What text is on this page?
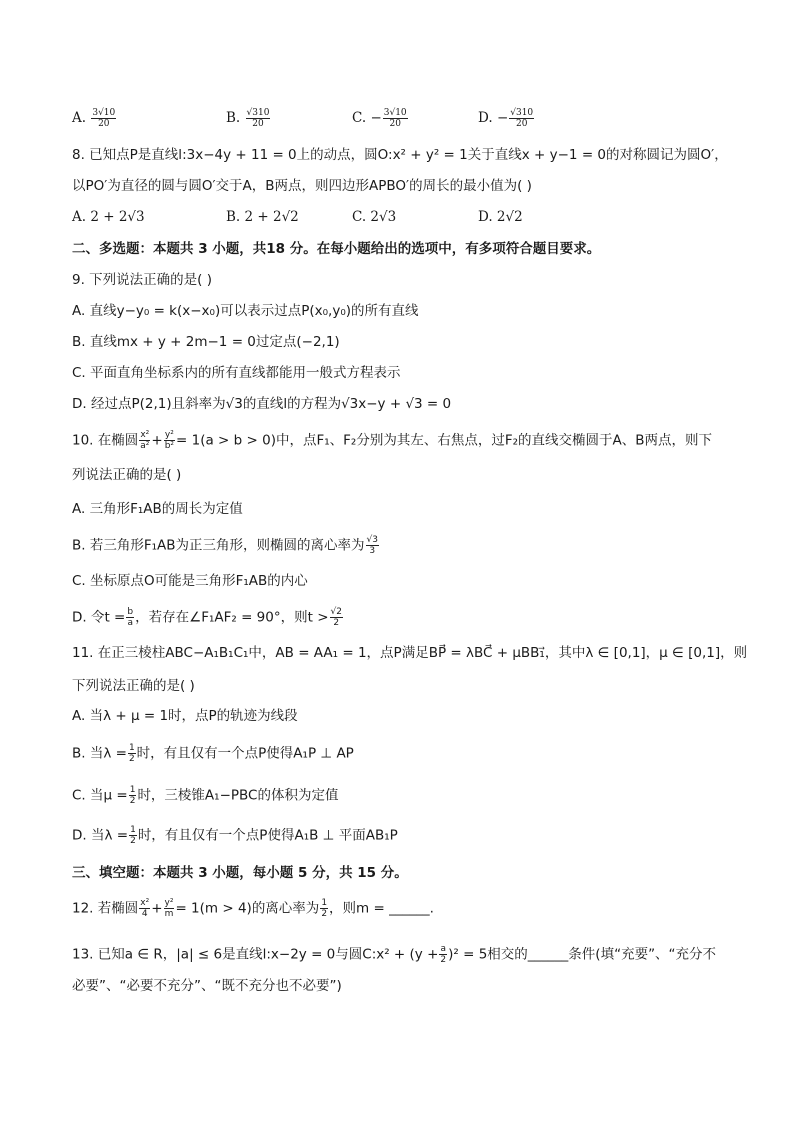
A. $\frac{3√10}{20}$	B. $\frac{√310}{20}$	C. − $\frac{3√10}{20}$	D. − $\frac{√310}{20}$
8. 已知点P是直线l:3x−4y + 11 = 0上的动点，圆O:x² + y² = 1关于直线x + y−1 = 0的对称圆记为圆O′，
以PO′为直径的圆与圆O′交于A，B两点，则四边形APBO′的周长的最小值为( )
A. 2 + 2√3	B. 2 + 2√2	C. 2√3	D. 2√2
二、多选题：本题共 3 小题，共18 分。在每小题给出的选项中，有多项符合题目要求。
9. 下列说法正确的是( )
A. 直线y−y₀ = k(x−x₀)可以表示过点P(x₀,y₀)的所有直线
B. 直线mx + y + 2m−1 = 0过定点(−2,1)
C. 平面直角坐标系内的所有直线都能用一般式方程表示
D. 经过点P(2,1)且斜率为√3的直线l的方程为√3x−y + √3 = 0
10. 在椭圆 $\frac{\text{x²}}{\text{a²}} + \frac{\text{y²}}{\text{b²}} = 1(a > b > 0)$中，点F₁、F₂分别为其左、右焦点，过F₂的直线交椭圆于A、B两点，则下
列说法正确的是( )
A. 三角形F₁AB的周长为定值
B. 若三角形F₁AB为正三角形，则椭圆的离心率为 $\frac{√3}{3}$
C. 坐标原点O可能是三角形F₁AB的内心
D. 令$t = \frac{b}{a}$ ，若存在∠F₁AF₂ = 90°，则$t > \frac{√2}{2}$
11. 在正三棱柱ABC−A₁B₁C₁中，AB = AA₁ = 1，点P满足BP⃗ = λBC⃗ + μBB₁⃗，其中λ ∈ [0,1]，μ ∈ [0,1]，则
下列说法正确的是( )
A. 当λ + μ = 1时，点P的轨迹为线段
B. 当$\lambda = \frac{1}{2}$ 时，有且仅有一个点P使得A₁P ⊥ AP
C. 当$\mu = \frac{1}{2}$ 时，三棱锥A₁−PBC的体积为定值
D. 当$\lambda = \frac{1}{2}$ 时，有且仅有一个点P使得A₁B ⊥ 平面AB₁P
三、填空题：本题共 3 小题，每小题 5 分，共 15 分。
12. 若椭圆 $\frac{\text{x²}}{4} + \frac{\text{y²}}{m} = 1(m > 4)$的离心率为 $\frac{1}{2}$ ，则m = ______.
13. 已知a ∈ R，|a| ≤ 6是直线l:x−2y = 0与圆C:x² + $(y + \frac{a}{2} )^2 = 5$相交的______条件(填“充要”、“充分不
必要”、“必要不充分”、“既不充分也不必要”)
